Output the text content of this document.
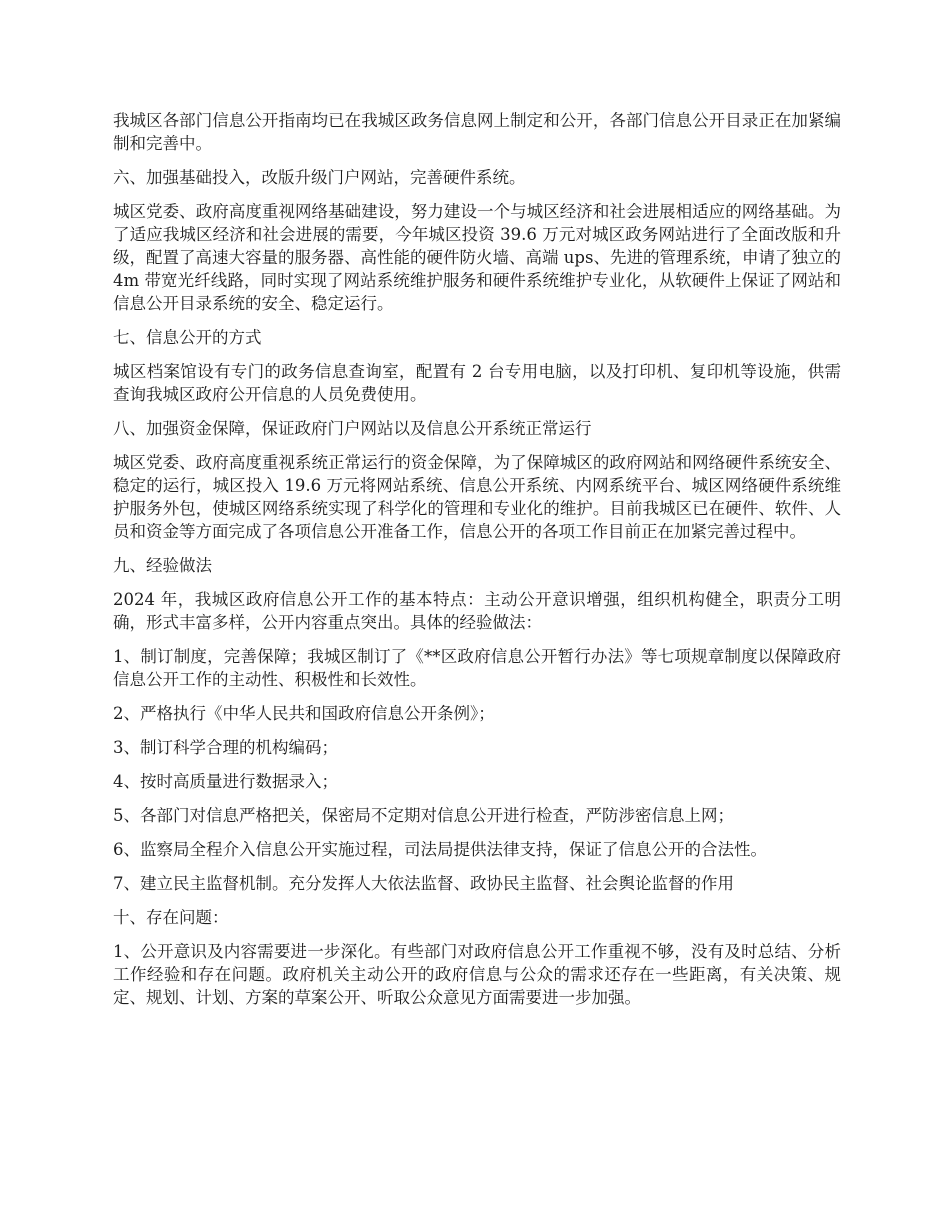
我城区各部门信息公开指南均已在我城区政务信息网上制定和公开，各部门信息公开目录正在加紧编制和完善中。

六、加强基础投入，改版升级门户网站，完善硬件系统。

城区党委、政府高度重视网络基础建设，努力建设一个与城区经济和社会进展相适应的网络基础。为了适应我城区经济和社会进展的需要，今年城区投资 39.6 万元对城区政务网站进行了全面改版和升级，配置了高速大容量的服务器、高性能的硬件防火墙、高端 ups、先进的管理系统，申请了独立的 4m 带宽光纤线路，同时实现了网站系统维护服务和硬件系统维护专业化，从软硬件上保证了网站和信息公开目录系统的安全、稳定运行。

七、信息公开的方式

城区档案馆设有专门的政务信息查询室，配置有 2 台专用电脑，以及打印机、复印机等设施，供需查询我城区政府公开信息的人员免费使用。

八、加强资金保障，保证政府门户网站以及信息公开系统正常运行

城区党委、政府高度重视系统正常运行的资金保障，为了保障城区的政府网站和网络硬件系统安全、稳定的运行，城区投入 19.6 万元将网站系统、信息公开系统、内网系统平台、城区网络硬件系统维护服务外包，使城区网络系统实现了科学化的管理和专业化的维护。目前我城区已在硬件、软件、人员和资金等方面完成了各项信息公开准备工作，信息公开的各项工作目前正在加紧完善过程中。

九、经验做法

2024 年，我城区政府信息公开工作的基本特点：主动公开意识增强，组织机构健全，职责分工明确，形式丰富多样，公开内容重点突出。具体的经验做法：

1、制订制度，完善保障；我城区制订了《**区政府信息公开暂行办法》等七项规章制度以保障政府信息公开工作的主动性、积极性和长效性。

2、严格执行《中华人民共和国政府信息公开条例》；

3、制订科学合理的机构编码；

4、按时高质量进行数据录入；

5、各部门对信息严格把关，保密局不定期对信息公开进行检查，严防涉密信息上网；

6、监察局全程介入信息公开实施过程，司法局提供法律支持，保证了信息公开的合法性。

7、建立民主监督机制。充分发挥人大依法监督、政协民主监督、社会舆论监督的作用

十、存在问题：

1、公开意识及内容需要进一步深化。有些部门对政府信息公开工作重视不够，没有及时总结、分析工作经验和存在问题。政府机关主动公开的政府信息与公众的需求还存在一些距离，有关决策、规定、规划、计划、方案的草案公开、听取公众意见方面需要进一步加强。
